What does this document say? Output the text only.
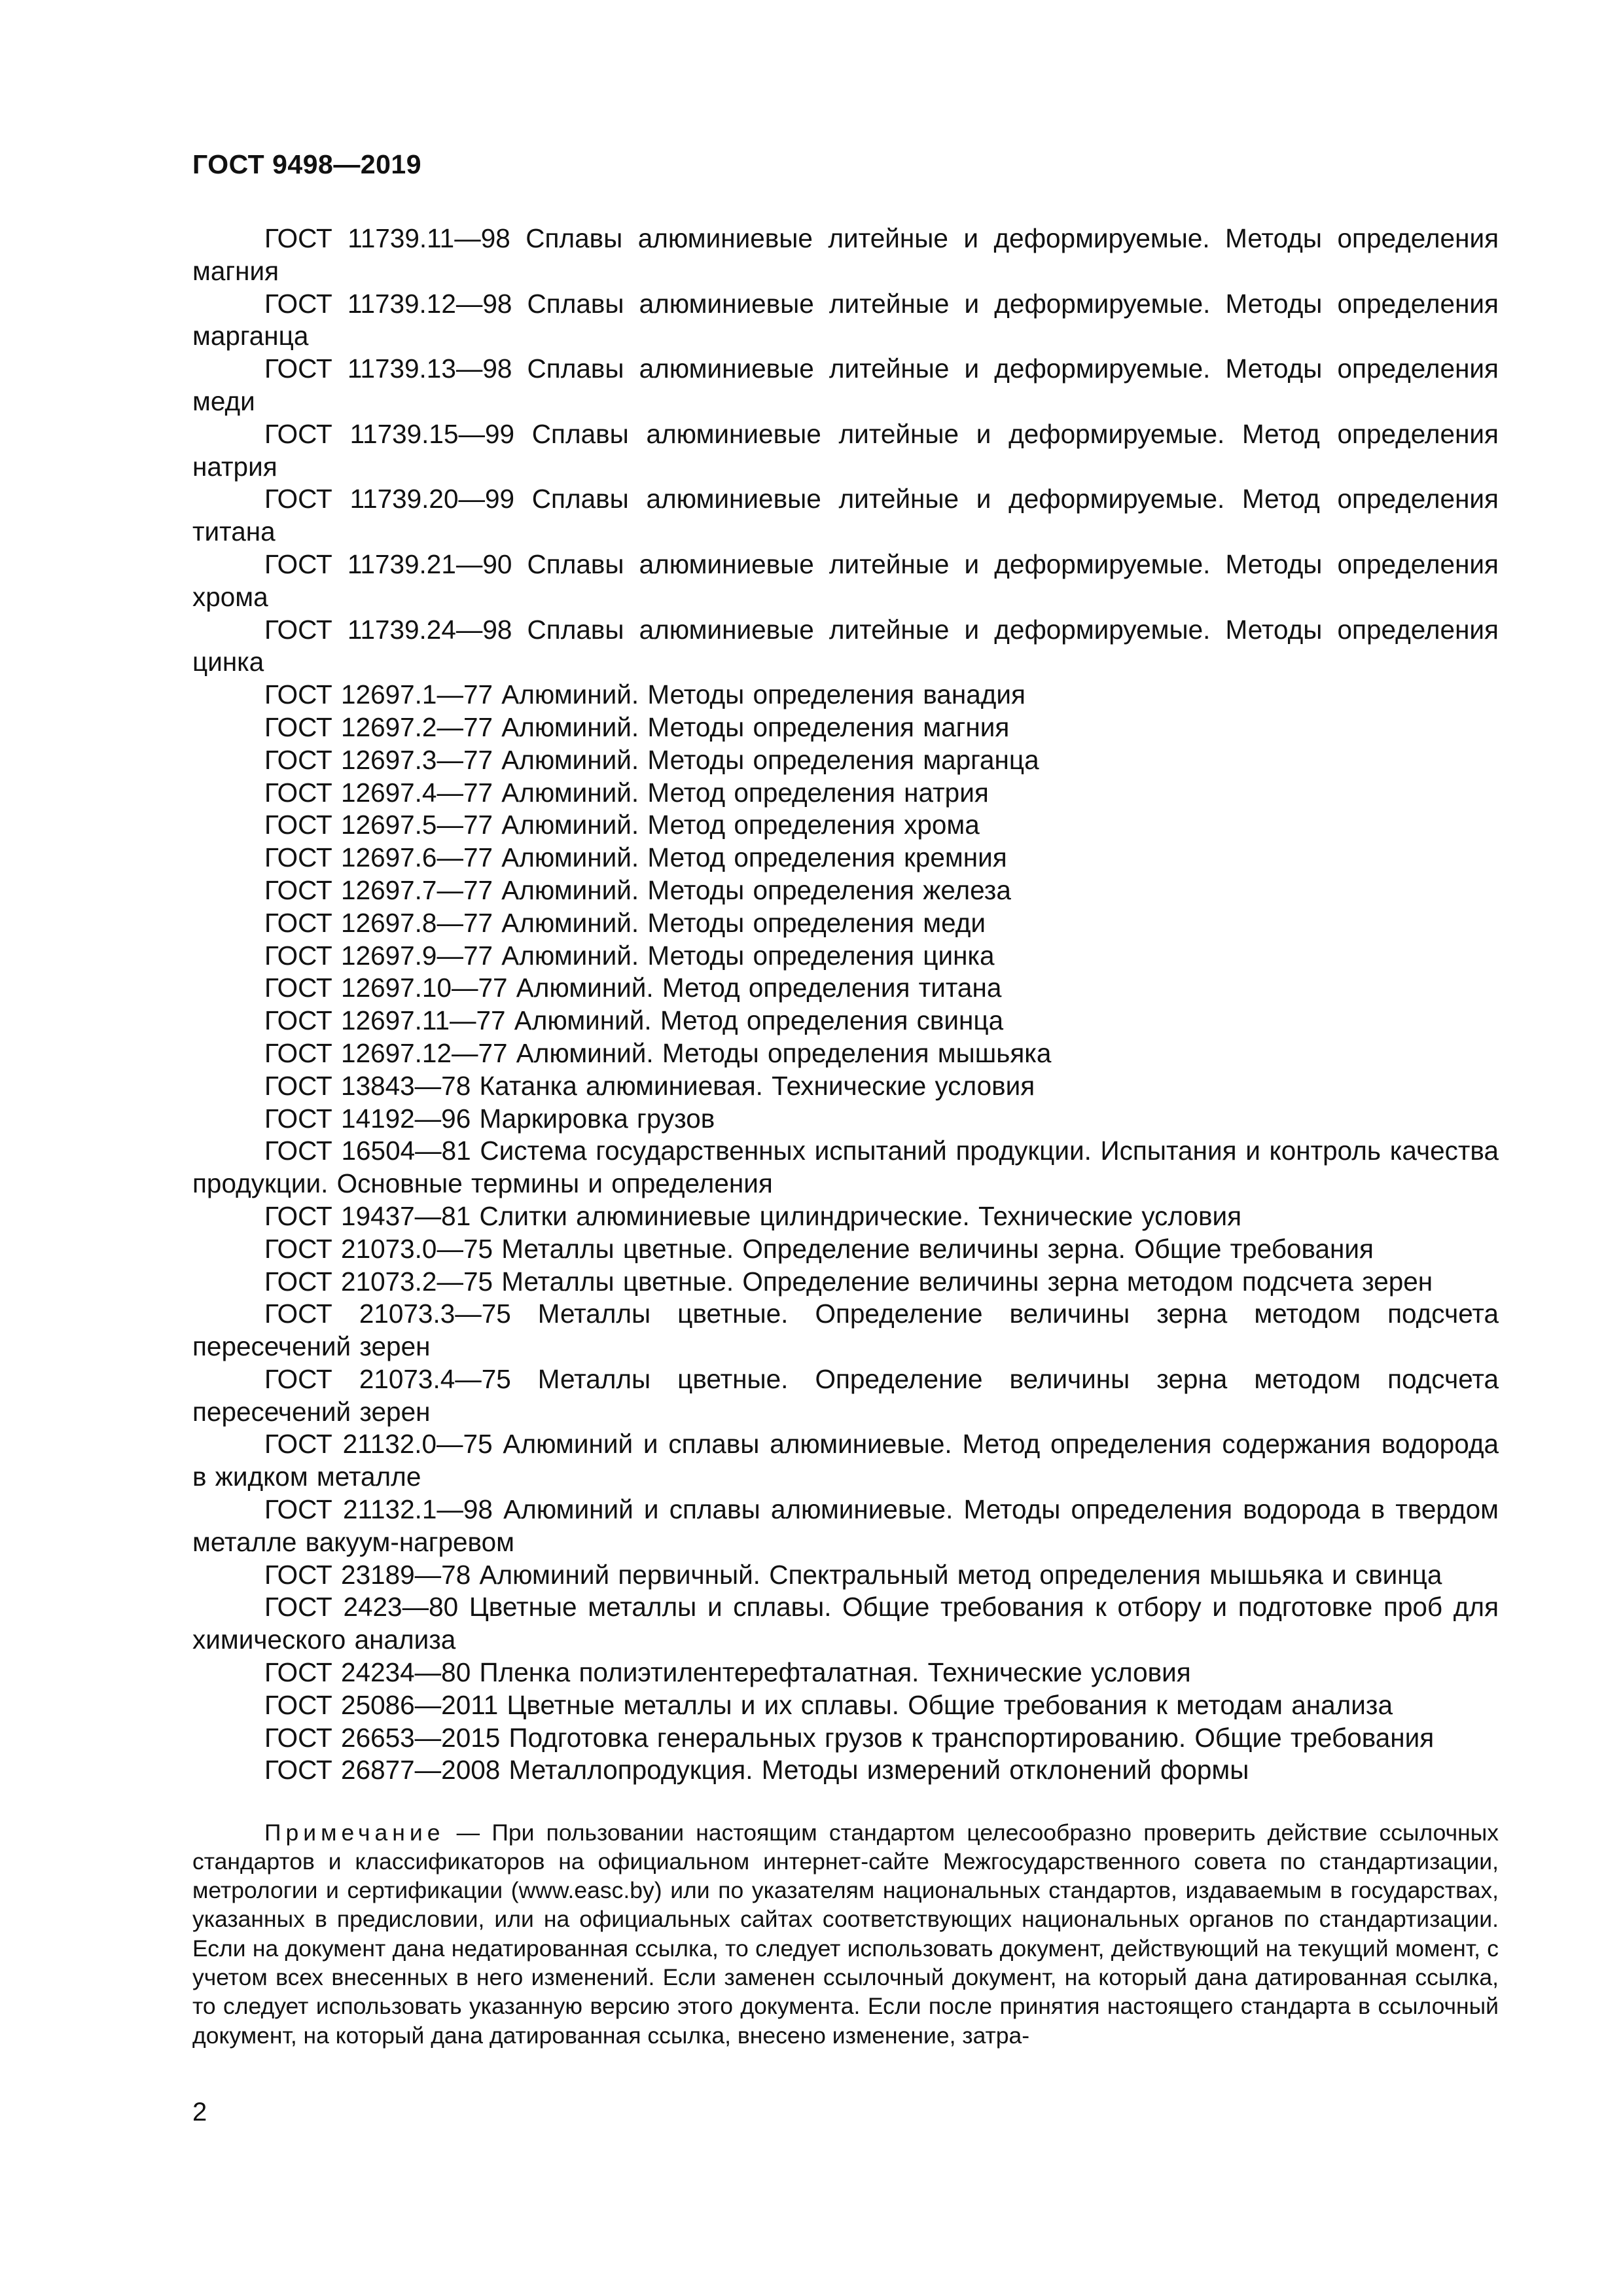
ГОСТ 9498—2019

ГОСТ 11739.11—98 Сплавы алюминиевые литейные и деформируемые. Методы определения магния

ГОСТ 11739.12—98 Сплавы алюминиевые литейные и деформируемые. Методы определения марганца

ГОСТ 11739.13—98 Сплавы алюминиевые литейные и деформируемые. Методы определения меди

ГОСТ 11739.15—99 Сплавы алюминиевые литейные и деформируемые. Метод определения натрия

ГОСТ 11739.20—99 Сплавы алюминиевые литейные и деформируемые. Метод определения титана

ГОСТ 11739.21—90 Сплавы алюминиевые литейные и деформируемые. Методы определения хрома

ГОСТ 11739.24—98 Сплавы алюминиевые литейные и деформируемые. Методы определения цинка

ГОСТ 12697.1—77 Алюминий. Методы определения ванадия

ГОСТ 12697.2—77 Алюминий. Методы определения магния

ГОСТ 12697.3—77 Алюминий. Методы определения марганца

ГОСТ 12697.4—77 Алюминий. Метод определения натрия

ГОСТ 12697.5—77 Алюминий. Метод определения хрома

ГОСТ 12697.6—77 Алюминий. Метод определения кремния

ГОСТ 12697.7—77 Алюминий. Методы определения железа

ГОСТ 12697.8—77 Алюминий. Методы определения меди

ГОСТ 12697.9—77 Алюминий. Методы определения цинка

ГОСТ 12697.10—77 Алюминий. Метод определения титана

ГОСТ 12697.11—77 Алюминий. Метод определения свинца

ГОСТ 12697.12—77 Алюминий. Методы определения мышьяка

ГОСТ 13843—78 Катанка алюминиевая. Технические условия

ГОСТ 14192—96 Маркировка грузов

ГОСТ 16504—81 Система государственных испытаний продукции. Испытания и контроль качества продукции. Основные термины и определения

ГОСТ 19437—81 Слитки алюминиевые цилиндрические. Технические условия

ГОСТ 21073.0—75 Металлы цветные. Определение величины зерна. Общие требования

ГОСТ 21073.2—75 Металлы цветные. Определение величины зерна методом подсчета зерен

ГОСТ 21073.3—75 Металлы цветные. Определение величины зерна методом подсчета пересечений зерен

ГОСТ 21073.4—75 Металлы цветные. Определение величины зерна методом подсчета пересечений зерен

ГОСТ 21132.0—75 Алюминий и сплавы алюминиевые. Метод определения содержания водорода в жидком металле

ГОСТ 21132.1—98 Алюминий и сплавы алюминиевые. Методы определения водорода в твердом металле вакуум-нагревом

ГОСТ 23189—78 Алюминий первичный. Спектральный метод определения мышьяка и свинца

ГОСТ 2423—80 Цветные металлы и сплавы. Общие требования к отбору и подготовке проб для химического анализа

ГОСТ 24234—80 Пленка полиэтилентерефталатная. Технические условия

ГОСТ 25086—2011 Цветные металлы и их сплавы. Общие требования к методам анализа

ГОСТ 26653—2015 Подготовка генеральных грузов к транспортированию. Общие требования

ГОСТ 26877—2008 Металлопродукция. Методы измерений отклонений формы

Примечание — При пользовании настоящим стандартом целесообразно проверить действие ссылочных стандартов и классификаторов на официальном интернет-сайте Межгосударственного совета по стандартизации, метрологии и сертификации (www.easc.by) или по указателям национальных стандартов, издаваемым в государствах, указанных в предисловии, или на официальных сайтах соответствующих национальных органов по стандартизации. Если на документ дана недатированная ссылка, то следует использовать документ, действующий на текущий момент, с учетом всех внесенных в него изменений. Если заменен ссылочный документ, на который дана датированная ссылка, то следует использовать указанную версию этого документа. Если после принятия настоящего стандарта в ссылочный документ, на который дана датированная ссылка, внесено изменение, затра-

2
